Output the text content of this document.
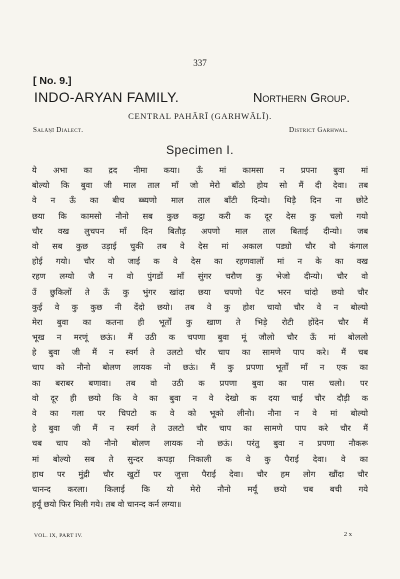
337
[ No. 9.]
INDO-ARYAN FAMILY.	Northern Group.
CENTRAL PAHĀRĪ (GARHWĀLĪ).
Salāṇī Dialect.	District Garhwal.
Specimen I.
ये अभा का द्रद नीमा कया। ऊँ मां कामसा न प्रपना बुवा मां
बोल्यो कि बुवा जी माल ताल माँ जो मेरो बाँठो होय सो मैं दी देवा। तब
वे न ऊँ का बीच ब्ब्यणो माल ताल बाँटी दिन्यो। थिड़ै दिन ना छोटे
छया कि कामसो नौनो सब कुछ कट्ठा करी क दूर देस कु चलो गयो
चौर वख लुचपन माँ दिन बितौड़ अपणो माल ताल बिताई दीन्यो। जब
वो सब कुछ उड़ाई चुकी तब वे देस मां अकाल पड्यो चौर वो कंगाल
होई गयो। चौर वो जाई क वे देस का रहणवालों मां न के का वख
रहण लग्यो जै न वो पुंगडों माँ सुंगर चरौण कु भेजो दीन्यो। चौर वो
उँ छुकिलों ते ऊँ कु भुंगर खांदा छया चपणो पेट भरन चांदो छयो चौर
कुई वे कु कुछ नी देंदो छयो। तब वे कु होश चायो चौर वे न बोल्यो
मेरा बुवा का कतना ही भूर्तों कु खाण ते भिड़े रोटी होंदेन चौर मैं
भूख न मरणूं छऊं। मैं उठी क चपणा बुवा मूं जौलो चौर ऊँ मां बोललो
हे बुवा जी मैं न स्वर्ग ते उलटो चौर चाप का सामणे पाप करे। मैं चब
चाप को नौनो बोलण लायक नो छऊं। मैं कु प्रपणा भूर्तों माँ न एक का
का बराबर बणावा। तब वो उठी क प्रपणा बुवा का पास चलो। पर
वो दूर ही छयो कि वे का बुवा न वे देखो क दया चाई चौर दौड़ी क
वे का गला पर चिपटो क वे को भूको लीनो। नौना न वे मां बोल्यो
हे बुवा जी मैं न स्वर्ग ते उलटो चौर चाप का सामणे पाप करे चौर मैं
चब चाप को नौनो बोलण लायक नो छऊं। परंतु बुवा न प्रपणा नौकरू
मां बोल्यो सब ते सुन्दर कपड़ा निकाली क वे कु पैराई देवा। वे का
हाथ पर मुंद्री चौर खुटों पर जुत्ता पैराई देवा। चौर हम लोग खौंदा चौर
चानन्द करला। किलाई कि यो मेरो नौनो मर्यूं छयो चब बची गये
हर्यूं छयो फिर मिली गये। तब वो चानन्द कर्न लग्या॥
VOL. IX, PART IV.	2 x
